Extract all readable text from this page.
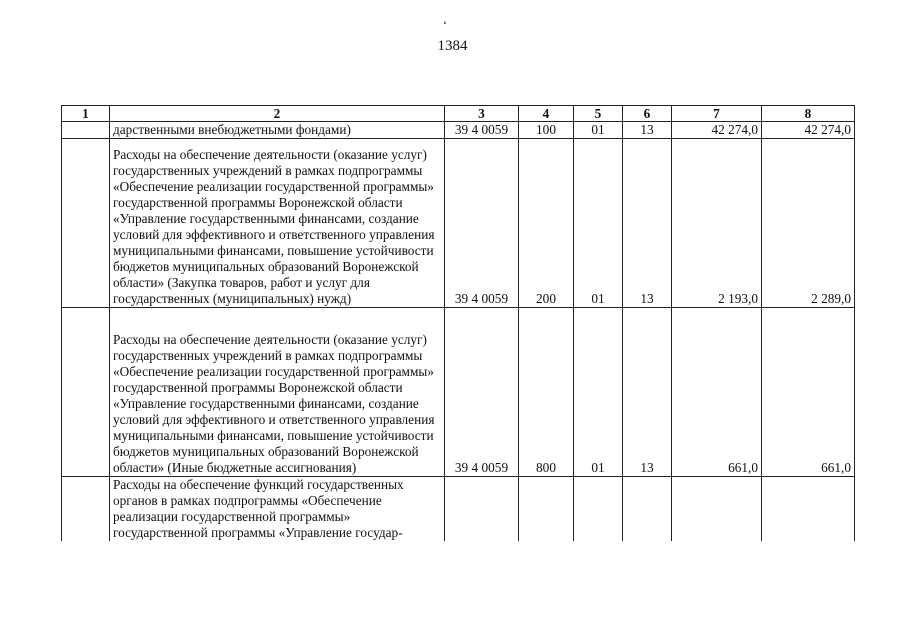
‘
1384
1	2	3	4	5	6	7	8
	дарственными внебюджетными фондами)	39 4 0059	100	01	13	42 274,0	42 274,0
	Расходы на обеспечение деятельности (оказание услуг) государственных учреждений в рамках подпрограммы «Обеспечение реализации государственной программы» государственной программы Воронежской области «Управление государственными финансами, создание условий для эффективного и ответственного управления муниципальными финансами, повышение устойчивости бюджетов муниципальных образований Воронежской области» (Закупка товаров, работ и услуг для государственных (муниципальных) нужд)	39 4 0059	200	01	13	2 193,0	2 289,0
	Расходы на обеспечение деятельности (оказание услуг) государственных учреждений в рамках подпрограммы «Обеспечение реализации государственной программы» государственной программы Воронежской области «Управление государственными финансами, создание условий для эффективного и ответственного управления муниципальными финансами, повышение устойчивости бюджетов муниципальных образований Воронежской области» (Иные бюджетные ассигнования)	39 4 0059	800	01	13	661,0	661,0
	Расходы на обеспечение функций государственных органов в рамках подпрограммы «Обеспечение реализации государственной программы» государственной программы «Управление государ-						
